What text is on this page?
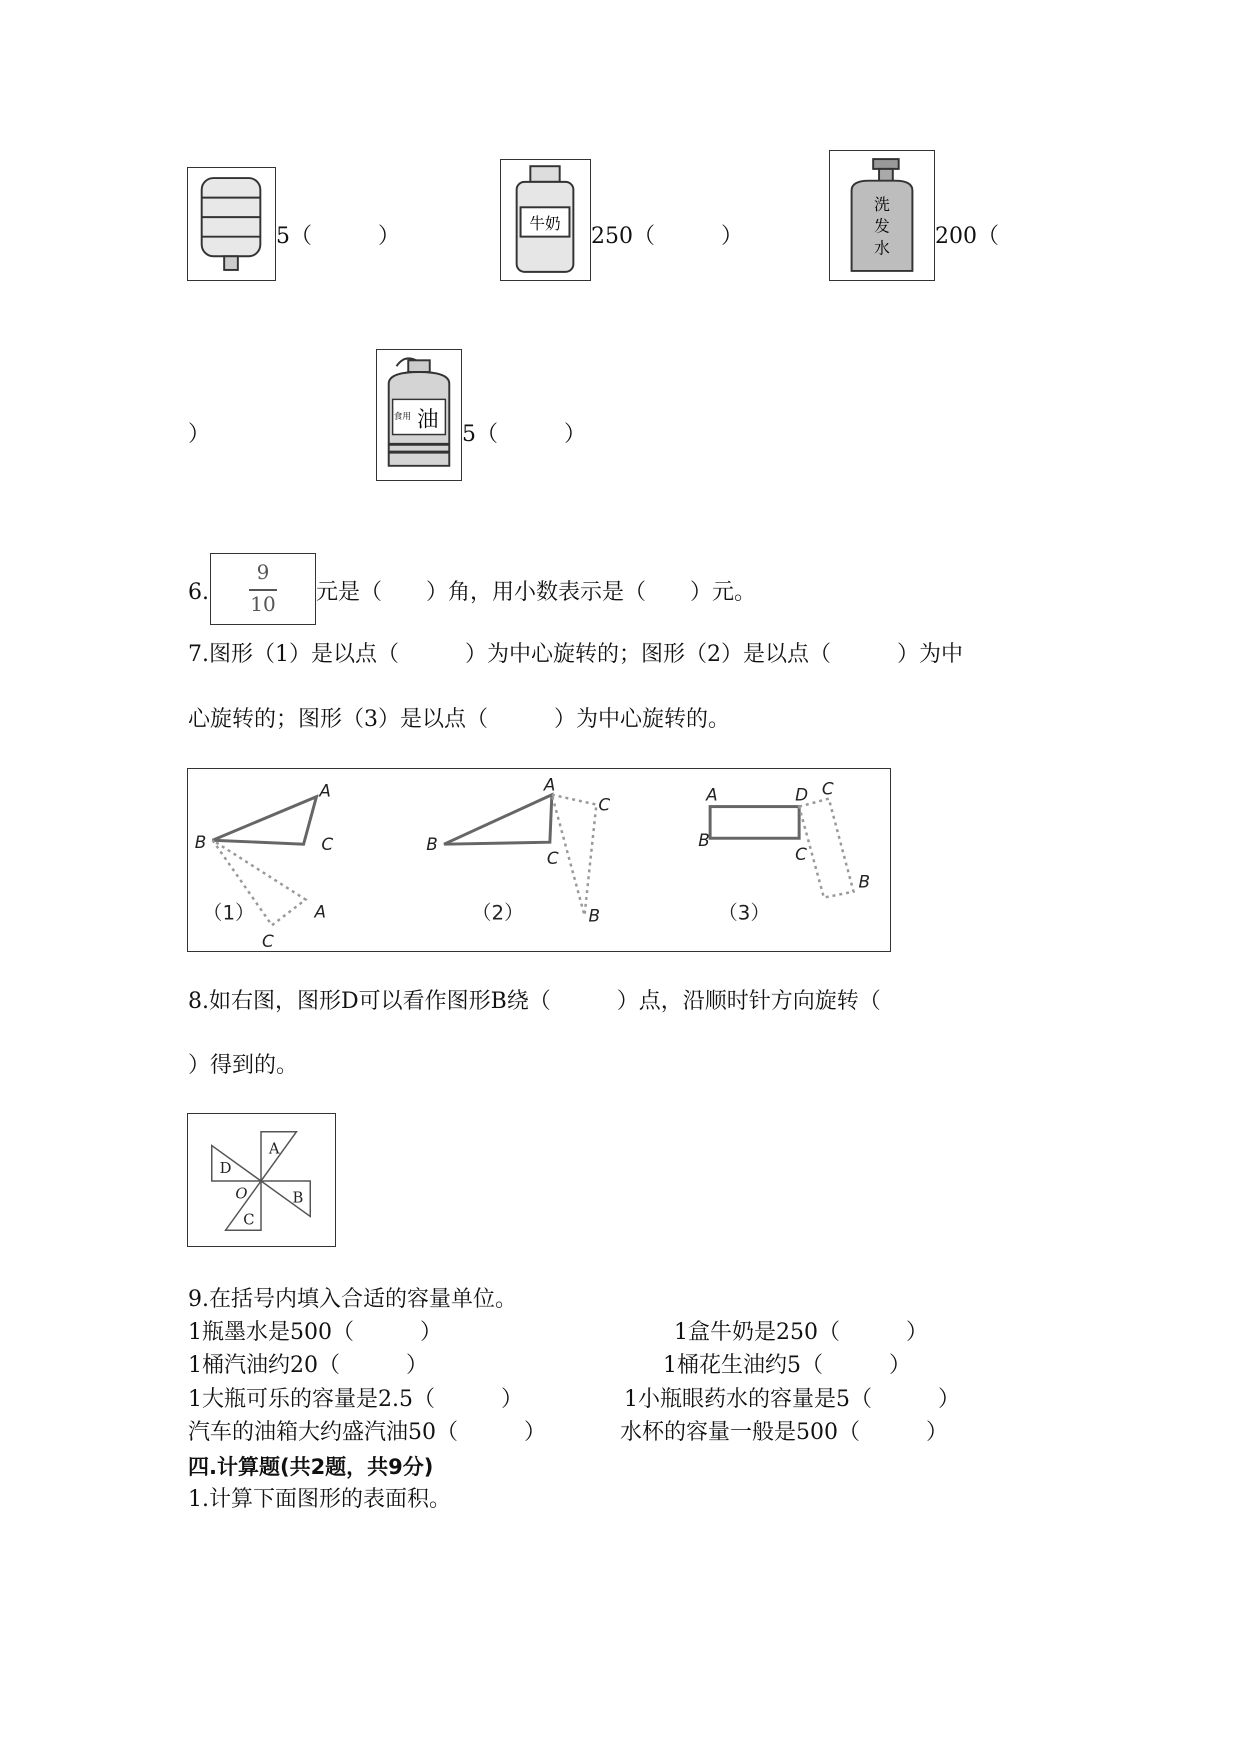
5（　　　）
牛奶
250（　　　）
洗
发
水 200（
）
食用 油
5（　　　）
6.
9
10	元是（　　）角，用小数表示是（　　）元。
7.图形（1）是以点（　　　）为中心旋转的；图形（2）是以点（　　　）为中
心旋转的；图形（3）是以点（　　　）为中心旋转的。
A
B	C
A
C
（1）
A
B
C
C
B
（2）
A	D C
B
C
B
（3）
8.如右图，图形D可以看作图形B绕（　　　）点，沿顺时针方向旋转（
）得到的。
A
D
O	B
C
9.在括号内填入合适的容量单位。
1瓶墨水是500（　　　）	1盒牛奶是250（　　　）
1桶汽油约20（　　　）	1桶花生油约5（　　　）
1大瓶可乐的容量是2.5（　　　）	1小瓶眼药水的容量是5（　　　）
汽车的油箱大约盛汽油50（　　　）	水杯的容量一般是500（　　　）
四.计算题(共2题，共9分)
1.计算下面图形的表面积。
